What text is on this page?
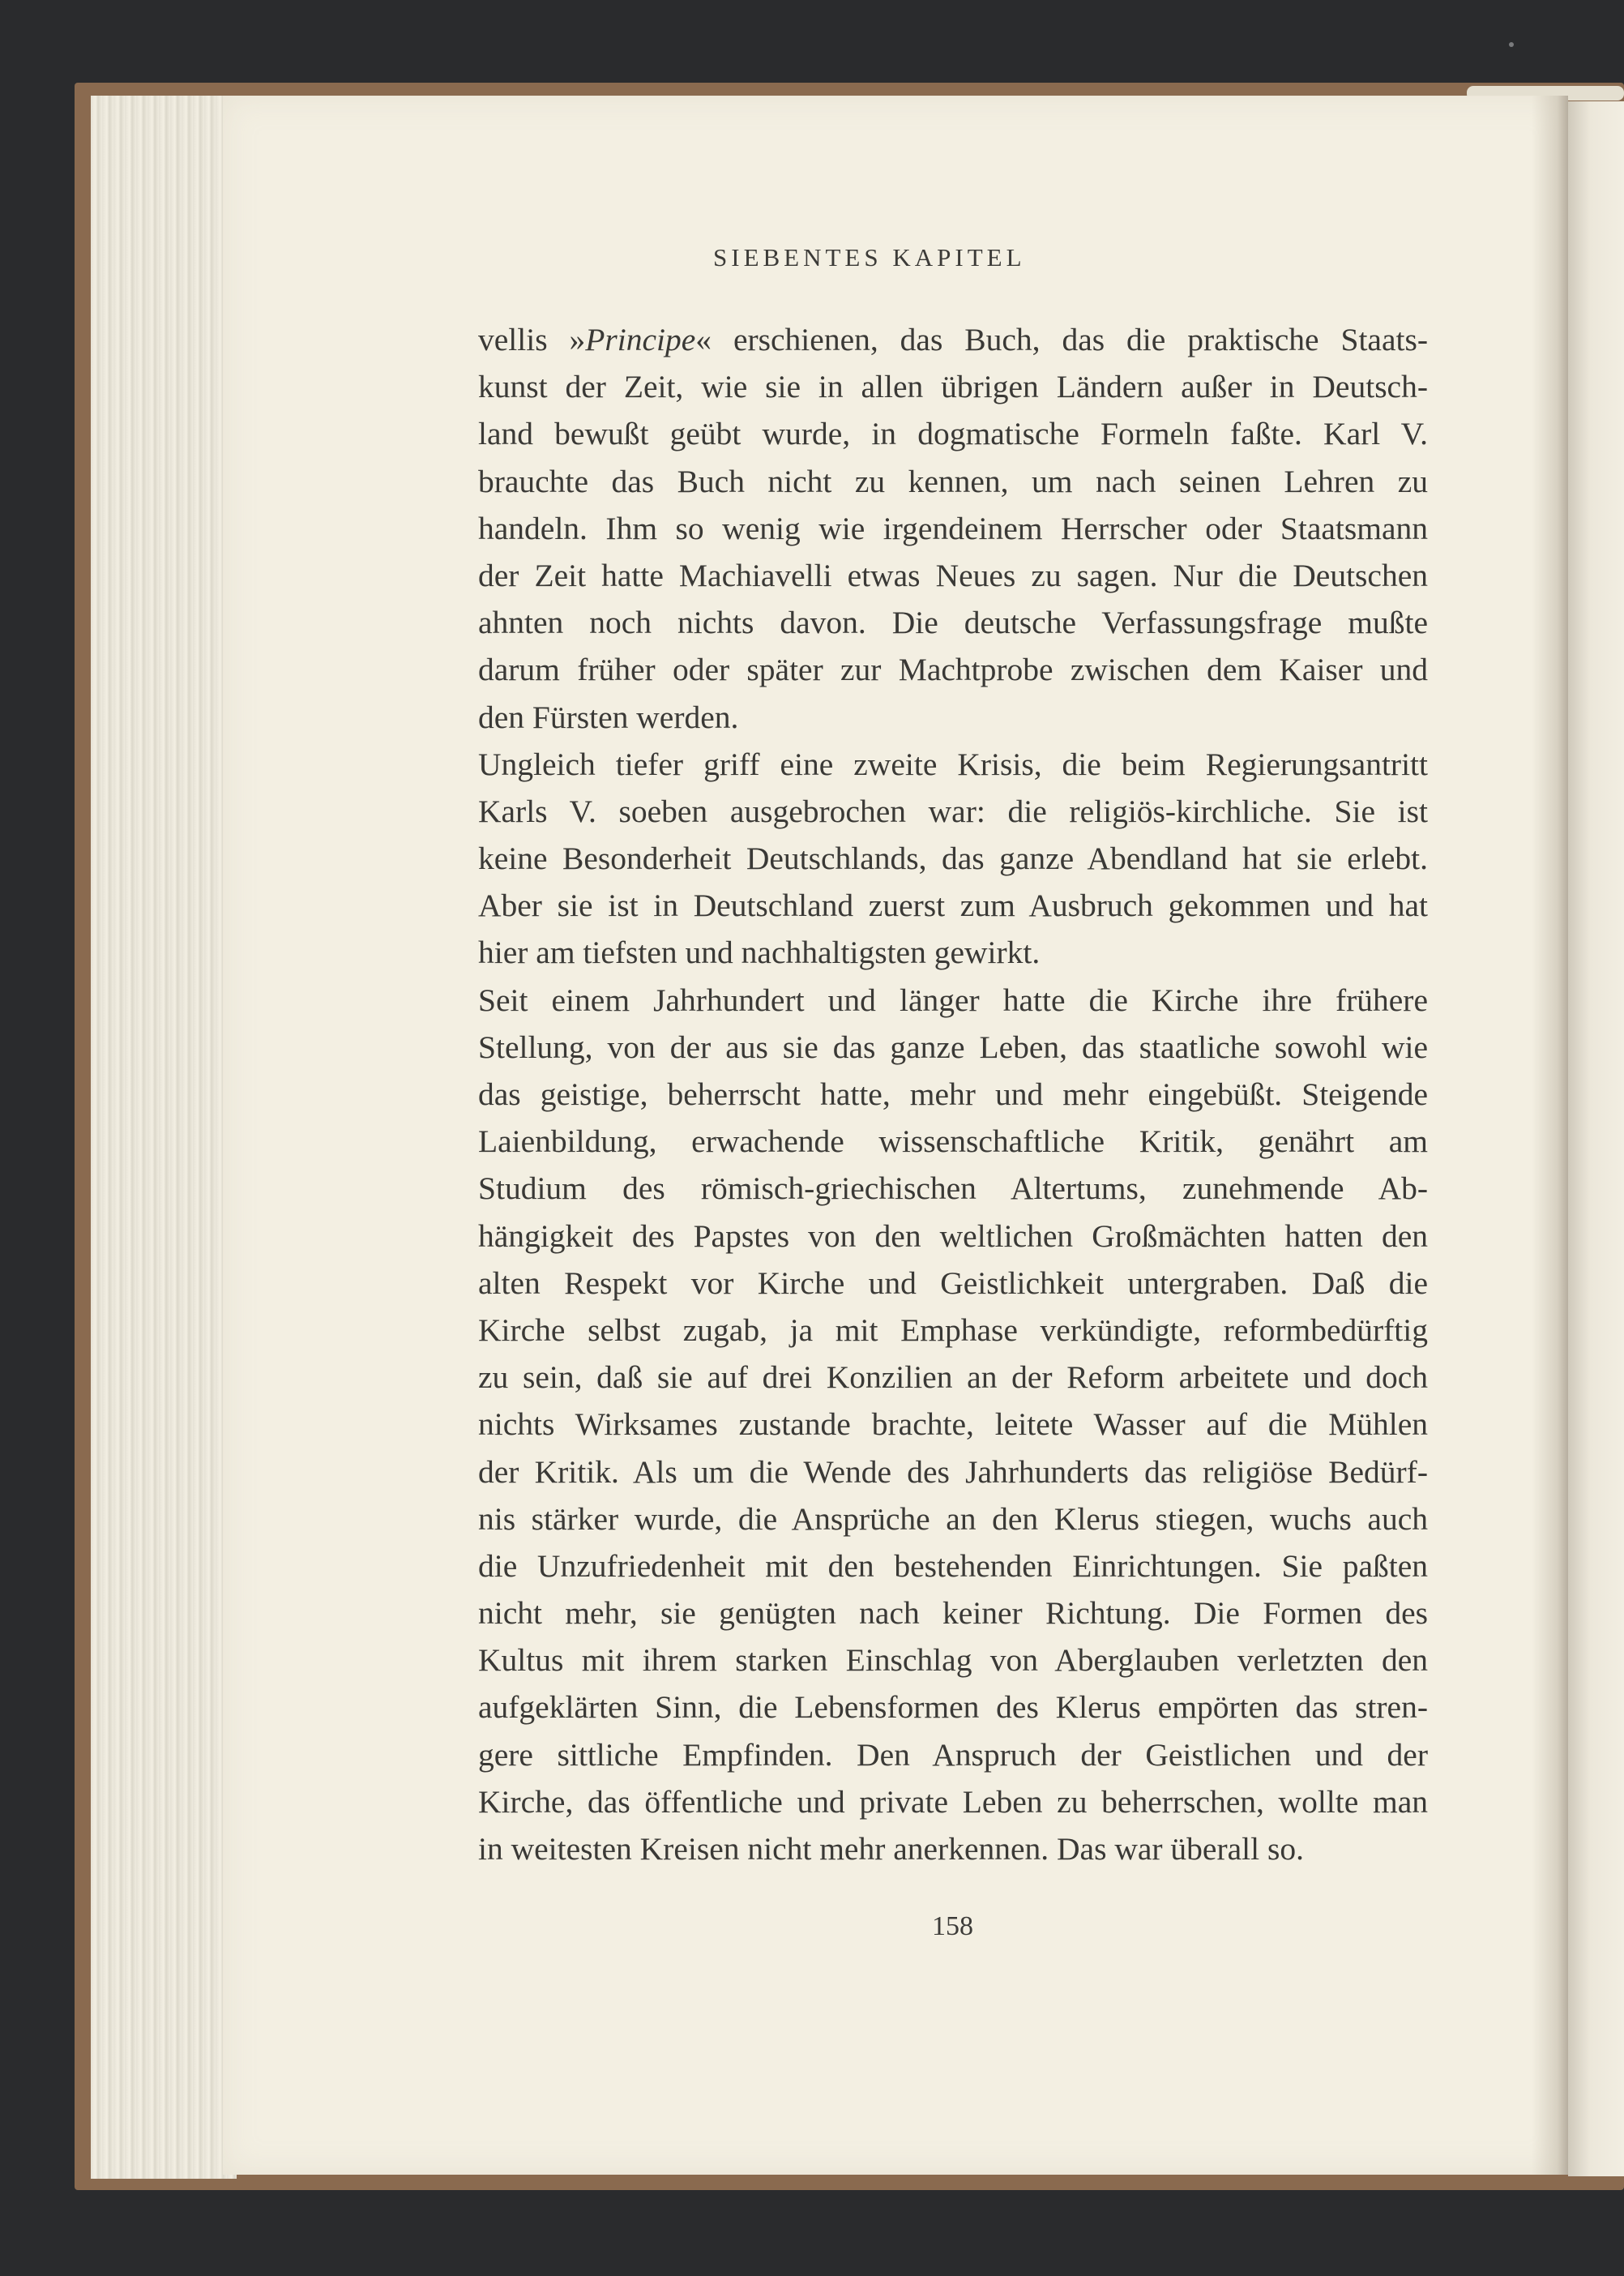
SIEBENTES KAPITEL
vellis »Principe« erschienen, das Buch, das die praktische Staats-
kunst der Zeit, wie sie in allen übrigen Ländern außer in Deutsch-
land bewußt geübt wurde, in dogmatische Formeln faßte. Karl V.
brauchte das Buch nicht zu kennen, um nach seinen Lehren zu
handeln. Ihm so wenig wie irgendeinem Herrscher oder Staatsmann
der Zeit hatte Machiavelli etwas Neues zu sagen. Nur die Deutschen
ahnten noch nichts davon. Die deutsche Verfassungsfrage mußte
darum früher oder später zur Machtprobe zwischen dem Kaiser und
den Fürsten werden.
Ungleich tiefer griff eine zweite Krisis, die beim Regierungsantritt
Karls V. soeben ausgebrochen war: die religiös-kirchliche. Sie ist
keine Besonderheit Deutschlands, das ganze Abendland hat sie erlebt.
Aber sie ist in Deutschland zuerst zum Ausbruch gekommen und hat
hier am tiefsten und nachhaltigsten gewirkt.
Seit einem Jahrhundert und länger hatte die Kirche ihre frühere
Stellung, von der aus sie das ganze Leben, das staatliche sowohl wie
das geistige, beherrscht hatte, mehr und mehr eingebüßt. Steigende
Laienbildung, erwachende wissenschaftliche Kritik, genährt am
Studium des römisch-griechischen Altertums, zunehmende Ab-
hängigkeit des Papstes von den weltlichen Großmächten hatten den
alten Respekt vor Kirche und Geistlichkeit untergraben. Daß die
Kirche selbst zugab, ja mit Emphase verkündigte, reformbedürftig
zu sein, daß sie auf drei Konzilien an der Reform arbeitete und doch
nichts Wirksames zustande brachte, leitete Wasser auf die Mühlen
der Kritik. Als um die Wende des Jahrhunderts das religiöse Bedürf-
nis stärker wurde, die Ansprüche an den Klerus stiegen, wuchs auch
die Unzufriedenheit mit den bestehenden Einrichtungen. Sie paßten
nicht mehr, sie genügten nach keiner Richtung. Die Formen des
Kultus mit ihrem starken Einschlag von Aberglauben verletzten den
aufgeklärten Sinn, die Lebensformen des Klerus empörten das stren-
gere sittliche Empfinden. Den Anspruch der Geistlichen und der
Kirche, das öffentliche und private Leben zu beherrschen, wollte man
in weitesten Kreisen nicht mehr anerkennen. Das war überall so.
158
